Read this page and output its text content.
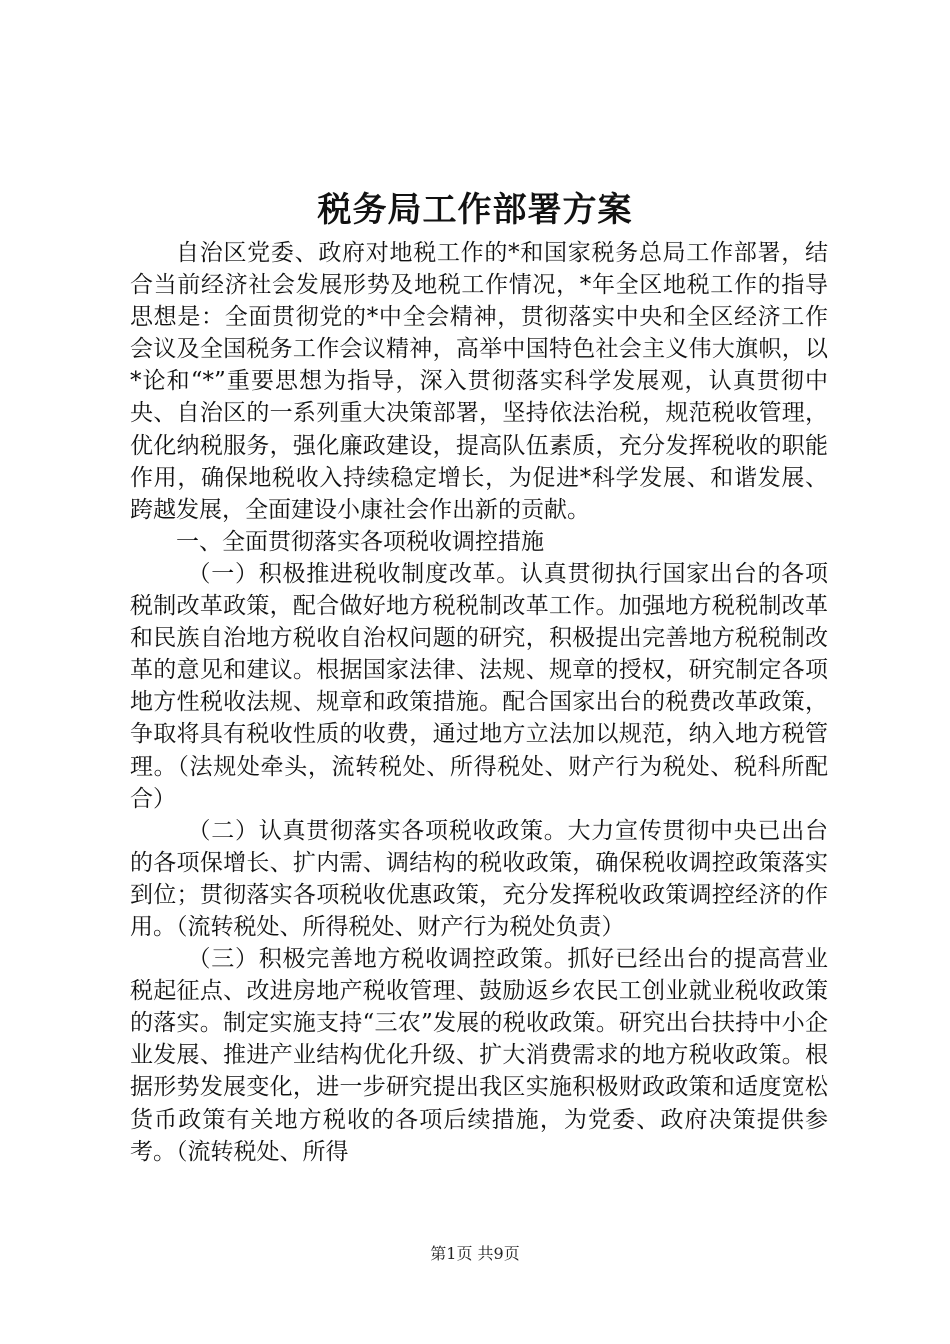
税务局工作部署方案

自治区党委、政府对地税工作的*和国家税务总局工作部署，结合当前经济社会发展形势及地税工作情况，*年全区地税工作的指导思想是：全面贯彻党的*中全会精神，贯彻落实中央和全区经济工作会议及全国税务工作会议精神，高举中国特色社会主义伟大旗帜，以*论和“*”重要思想为指导，深入贯彻落实科学发展观，认真贯彻中央、自治区的一系列重大决策部署，坚持依法治税，规范税收管理，优化纳税服务，强化廉政建设，提高队伍素质，充分发挥税收的职能作用，确保地税收入持续稳定增长，为促进*科学发展、和谐发展、跨越发展，全面建设小康社会作出新的贡献。

一、全面贯彻落实各项税收调控措施

（一）积极推进税收制度改革。认真贯彻执行国家出台的各项税制改革政策，配合做好地方税税制改革工作。加强地方税税制改革和民族自治地方税收自治权问题的研究，积极提出完善地方税税制改革的意见和建议。根据国家法律、法规、规章的授权，研究制定各项地方性税收法规、规章和政策措施。配合国家出台的税费改革政策，争取将具有税收性质的收费，通过地方立法加以规范，纳入地方税管理。（法规处牵头，流转税处、所得税处、财产行为税处、税科所配合）

（二）认真贯彻落实各项税收政策。大力宣传贯彻中央已出台的各项保增长、扩内需、调结构的税收政策，确保税收调控政策落实到位；贯彻落实各项税收优惠政策，充分发挥税收政策调控经济的作用。（流转税处、所得税处、财产行为税处负责）

（三）积极完善地方税收调控政策。抓好已经出台的提高营业税起征点、改进房地产税收管理、鼓励返乡农民工创业就业税收政策的落实。制定实施支持“三农”发展的税收政策。研究出台扶持中小企业发展、推进产业结构优化升级、扩大消费需求的地方税收政策。根据形势发展变化，进一步研究提出我区实施积极财政政策和适度宽松货币政策有关地方税收的各项后续措施，为党委、政府决策提供参考。（流转税处、所得

第1页 共9页
